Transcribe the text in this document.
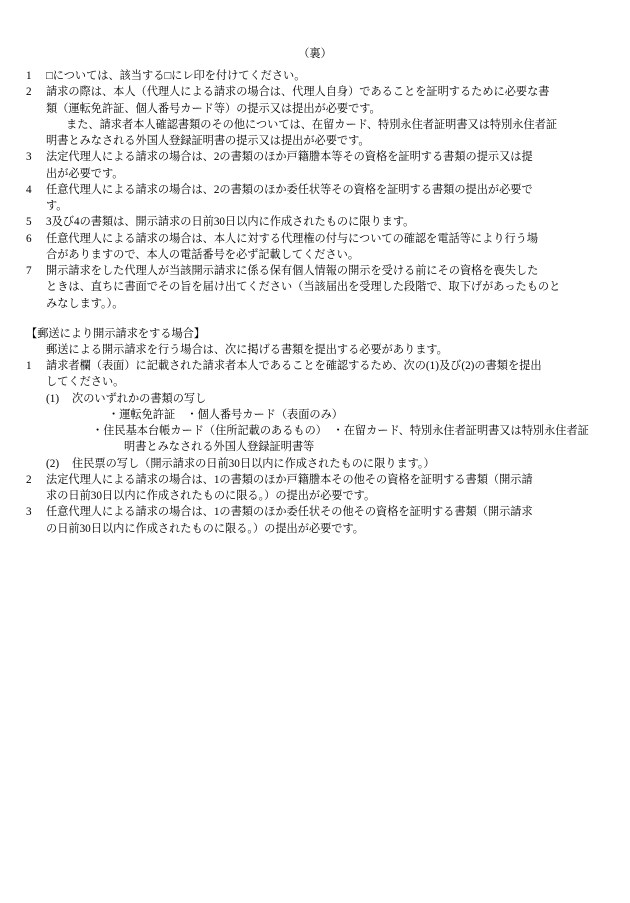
（裏）
1	□については、該当する□にレ印を付けてください。
2	請求の際は、本人（代理人による請求の場合は、代理人自身）であることを証明するために必要な書
類（運転免許証、個人番号カード等）の提示又は提出が必要です。
また、請求者本人確認書類のその他については、在留カード、特別永住者証明書又は特別永住者証
明書とみなされる外国人登録証明書の提示又は提出が必要です。
3	法定代理人による請求の場合は、2の書類のほか戸籍謄本等その資格を証明する書類の提示又は提
出が必要です。
4	任意代理人による請求の場合は、2の書類のほか委任状等その資格を証明する書類の提出が必要で
す。
5	3及び4の書類は、開示請求の日前30日以内に作成されたものに限ります。
6	任意代理人による請求の場合は、本人に対する代理権の付与についての確認を電話等により行う場
合がありますので、本人の電話番号を必ず記載してください。
7	開示請求をした代理人が当該開示請求に係る保有個人情報の開示を受ける前にその資格を喪失した
ときは、直ちに書面でその旨を届け出てください（当該届出を受理した段階で、取下げがあったものと
みなします。）。
【郵送により開示請求をする場合】
郵送による開示請求を行う場合は、次に掲げる書類を提出する必要があります。
1	請求者欄（表面）に記載された請求者本人であることを確認するため、次の(1)及び(2)の書類を提出
してください。
(1)	次のいずれかの書類の写し
・運転免許証　・個人番号カード（表面のみ）
・住民基本台帳カード（住所記載のあるもの）　・在留カード、特別永住者証明書又は特別永住者証
明書とみなされる外国人登録証明書等
(2)	住民票の写し（開示請求の日前30日以内に作成されたものに限ります。）
2	法定代理人による請求の場合は、1の書類のほか戸籍謄本その他その資格を証明する書類（開示請
求の日前30日以内に作成されたものに限る。）の提出が必要です。
3	任意代理人による請求の場合は、1の書類のほか委任状その他その資格を証明する書類（開示請求
の日前30日以内に作成されたものに限る。）の提出が必要です。
